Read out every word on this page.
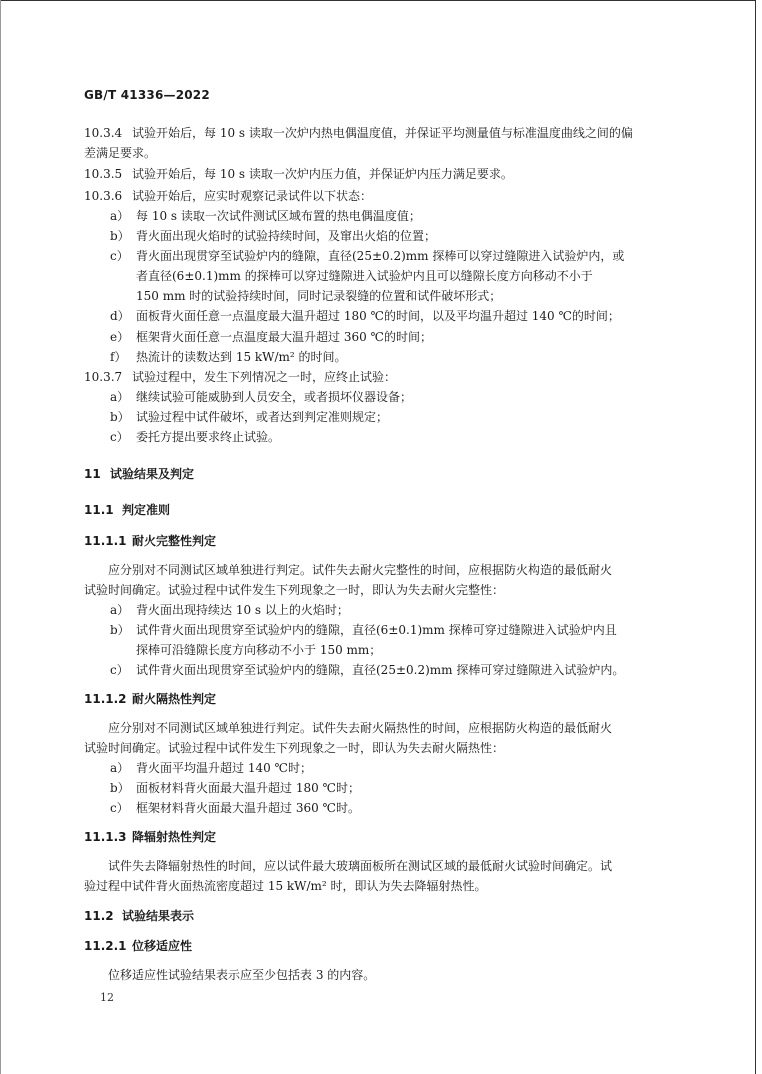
GB/T 41336—2022
10.3.4 试验开始后，每 10 s 读取一次炉内热电偶温度值，并保证平均测量值与标准温度曲线之间的偏
差满足要求。
10.3.5 试验开始后，每 10 s 读取一次炉内压力值，并保证炉内压力满足要求。
10.3.6 试验开始后，应实时观察记录试件以下状态：
a） 每 10 s 读取一次试件测试区域布置的热电偶温度值；
b） 背火面出现火焰时的试验持续时间，及窜出火焰的位置；
c） 背火面出现贯穿至试验炉内的缝隙，直径(25±0.2)mm 探棒可以穿过缝隙进入试验炉内，或
者直径(6±0.1)mm 的探棒可以穿过缝隙进入试验炉内且可以缝隙长度方向移动不小于
150 mm 时的试验持续时间，同时记录裂缝的位置和试件破坏形式；
d） 面板背火面任意一点温度最大温升超过 180 ℃的时间，以及平均温升超过 140 ℃的时间；
e） 框架背火面任意一点温度最大温升超过 360 ℃的时间；
f） 热流计的读数达到 15 kW/m² 的时间。
10.3.7 试验过程中，发生下列情况之一时，应终止试验：
a） 继续试验可能威胁到人员安全，或者损坏仪器设备；
b） 试验过程中试件破坏，或者达到判定准则规定；
c） 委托方提出要求终止试验。
11 试验结果及判定
11.1 判定准则
11.1.1 耐火完整性判定
应分别对不同测试区域单独进行判定。试件失去耐火完整性的时间，应根据防火构造的最低耐火
试验时间确定。试验过程中试件发生下列现象之一时，即认为失去耐火完整性：
a） 背火面出现持续达 10 s 以上的火焰时；
b） 试件背火面出现贯穿至试验炉内的缝隙，直径(6±0.1)mm 探棒可穿过缝隙进入试验炉内且
探棒可沿缝隙长度方向移动不小于 150 mm；
c） 试件背火面出现贯穿至试验炉内的缝隙，直径(25±0.2)mm 探棒可穿过缝隙进入试验炉内。
11.1.2 耐火隔热性判定
应分别对不同测试区域单独进行判定。试件失去耐火隔热性的时间，应根据防火构造的最低耐火
试验时间确定。试验过程中试件发生下列现象之一时，即认为失去耐火隔热性：
a） 背火面平均温升超过 140 ℃时；
b） 面板材料背火面最大温升超过 180 ℃时；
c） 框架材料背火面最大温升超过 360 ℃时。
11.1.3 降辐射热性判定
试件失去降辐射热性的时间，应以试件最大玻璃面板所在测试区域的最低耐火试验时间确定。试
验过程中试件背火面热流密度超过 15 kW/m² 时，即认为失去降辐射热性。
11.2 试验结果表示
11.2.1 位移适应性
位移适应性试验结果表示应至少包括表 3 的内容。
12
